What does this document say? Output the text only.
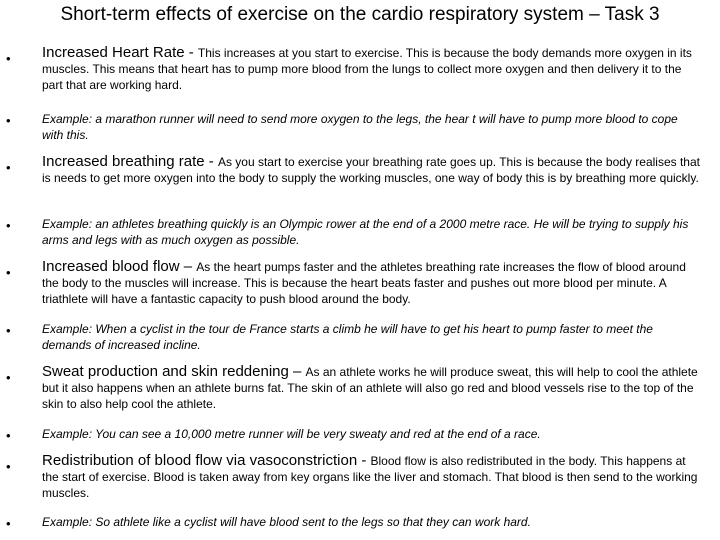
Short-term effects of exercise on the cardio respiratory system – Task 3
• Increased Heart Rate - This increases at you start to exercise. This is because the body demands more oxygen in its muscles. This means that heart has to pump more blood from the lungs to collect more oxygen and then delivery it to the part that are working hard.
•	Example: a marathon runner will need to send more oxygen to the legs, the hear t will have to pump more blood to cope with this.
• Increased breathing rate - As you start to exercise your breathing rate goes up. This is because the body realises that is needs to get more oxygen into the body to supply the working muscles, one way of body this is by breathing more quickly.
•	Example: an athletes breathing quickly is an Olympic rower at the end of a 2000 metre race. He will be trying to supply his arms and legs with as much oxygen as possible.
• Increased blood flow – As the heart pumps faster and the athletes breathing rate increases the flow of blood around the body to the muscles will increase. This is because the heart beats faster and pushes out more blood per minute. A triathlete will have a fantastic capacity to push blood around the body.
•	Example: When a cyclist in the tour de France starts a climb he will have to get his heart to pump faster to meet the demands of increased incline.
• Sweat production and skin reddening – As an athlete works he will produce sweat, this will help to cool the athlete but it also happens when an athlete burns fat. The skin of an athlete will also go red and blood vessels rise to the top of the skin to also help cool the athlete.
•	Example: You can see a 10,000 metre runner will be very sweaty and red at the end of a race.
• Redistribution of blood flow via vasoconstriction - Blood flow is also redistributed in the body. This happens at the start of exercise. Blood is taken away from key organs like the liver and stomach. That blood is then send to the working muscles.
•	Example: So athlete like a cyclist will have blood sent to the legs so that they can work hard.
